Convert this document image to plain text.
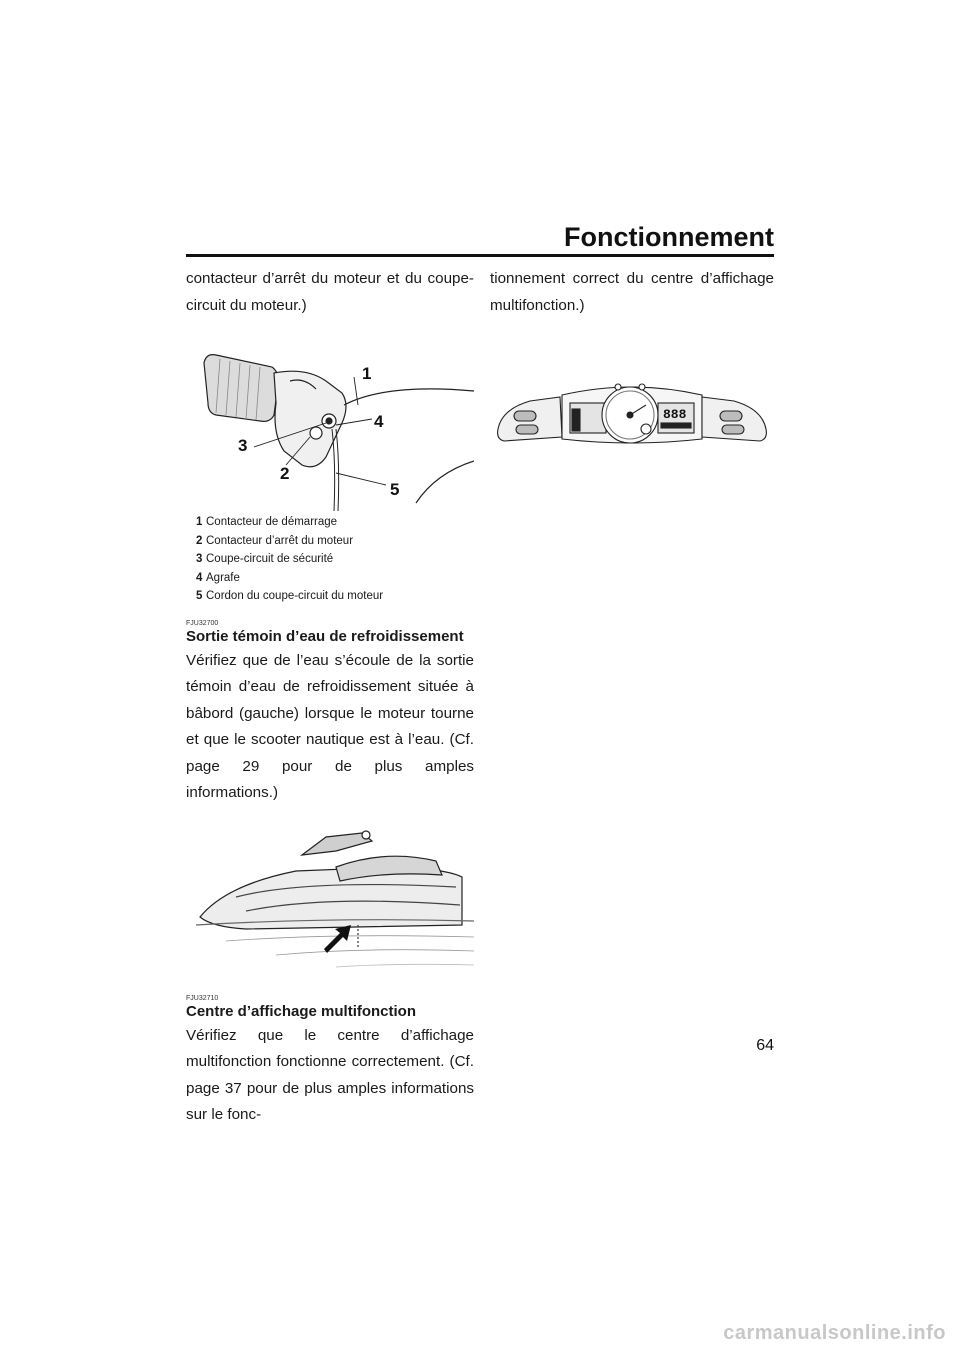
Fonctionnement

contacteur d’arrêt du moteur et du coupe-circuit du moteur.)

1
4
3
2
5
1 Contacteur de démarrage
2 Contacteur d’arrêt du moteur
3 Coupe-circuit de sécurité
4 Agrafe
5 Cordon du coupe-circuit du moteur
FJU32700
Sortie témoin d’eau de refroidissement

Vérifiez que de l’eau s’écoule de la sortie témoin d’eau de refroidissement située à bâbord (gauche) lorsque le moteur tourne et que le scooter nautique est à l’eau. (Cf. page 29 pour de plus amples informations.)

FJU32710
Centre d’affichage multifonction

Vérifiez que le centre d’affichage multifonction fonctionne correctement. (Cf. page 37 pour de plus amples informations sur le fonc-

tionnement correct du centre d’affichage multifonction.)

888
64
carmanualsonline.info
